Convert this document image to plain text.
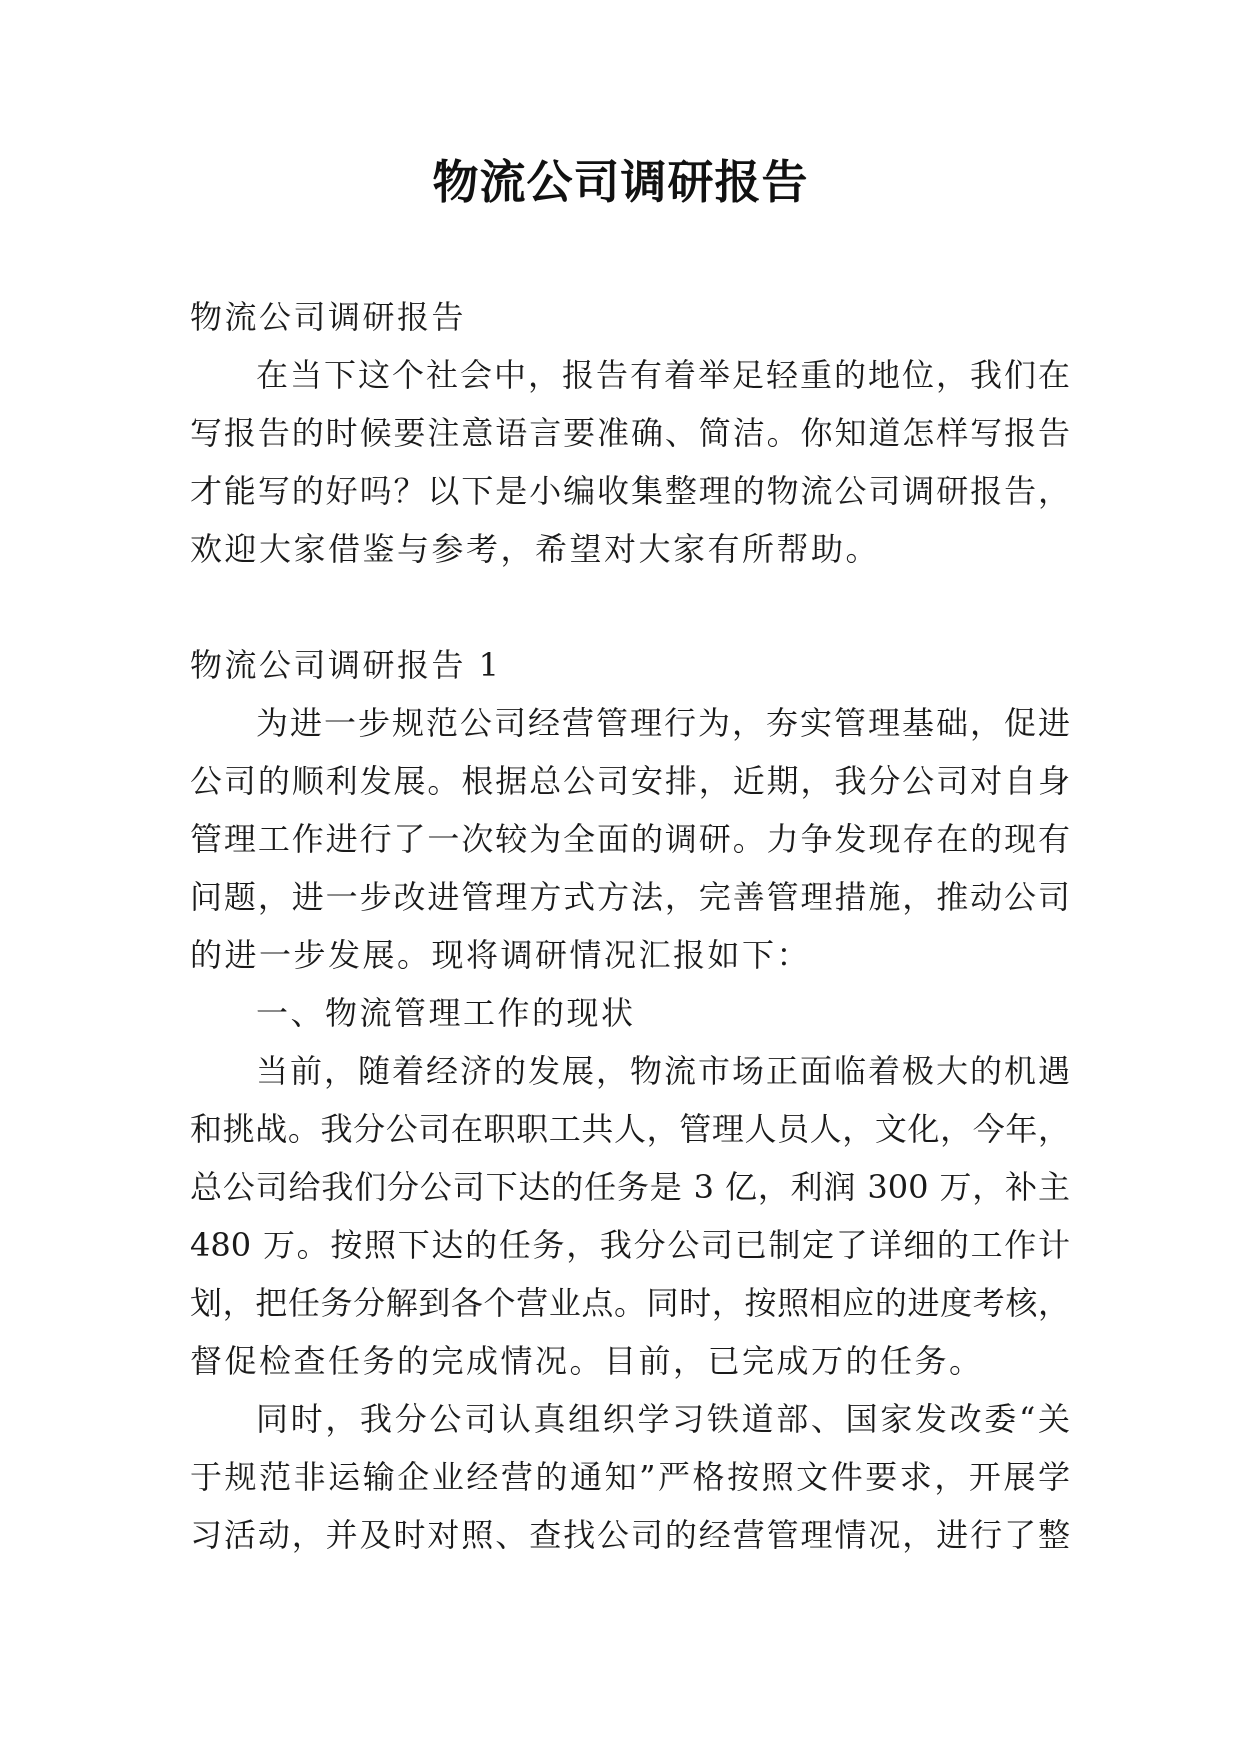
物流公司调研报告
物流公司调研报告
在当下这个社会中，报告有着举足轻重的地位，我们在
写报告的时候要注意语言要准确、简洁。你知道怎样写报告
才能写的好吗？以下是小编收集整理的物流公司调研报告，
欢迎大家借鉴与参考，希望对大家有所帮助。
物流公司调研报告 1
为进一步规范公司经营管理行为，夯实管理基础，促进
公司的顺利发展。根据总公司安排，近期，我分公司对自身
管理工作进行了一次较为全面的调研。力争发现存在的现有
问题，进一步改进管理方式方法，完善管理措施，推动公司
的进一步发展。现将调研情况汇报如下：
一、物流管理工作的现状
当前，随着经济的发展，物流市场正面临着极大的机遇
和挑战。我分公司在职职工共人，管理人员人，文化，今年，
总公司给我们分公司下达的任务是 3 亿，利润 300 万，补主
480 万。按照下达的任务，我分公司已制定了详细的工作计
划，把任务分解到各个营业点。同时，按照相应的进度考核，
督促检查任务的完成情况。目前，已完成万的任务。
同时，我分公司认真组织学习铁道部、国家发改委“关
于规范非运输企业经营的通知”严格按照文件要求，开展学
习活动，并及时对照、查找公司的经营管理情况，进行了整
